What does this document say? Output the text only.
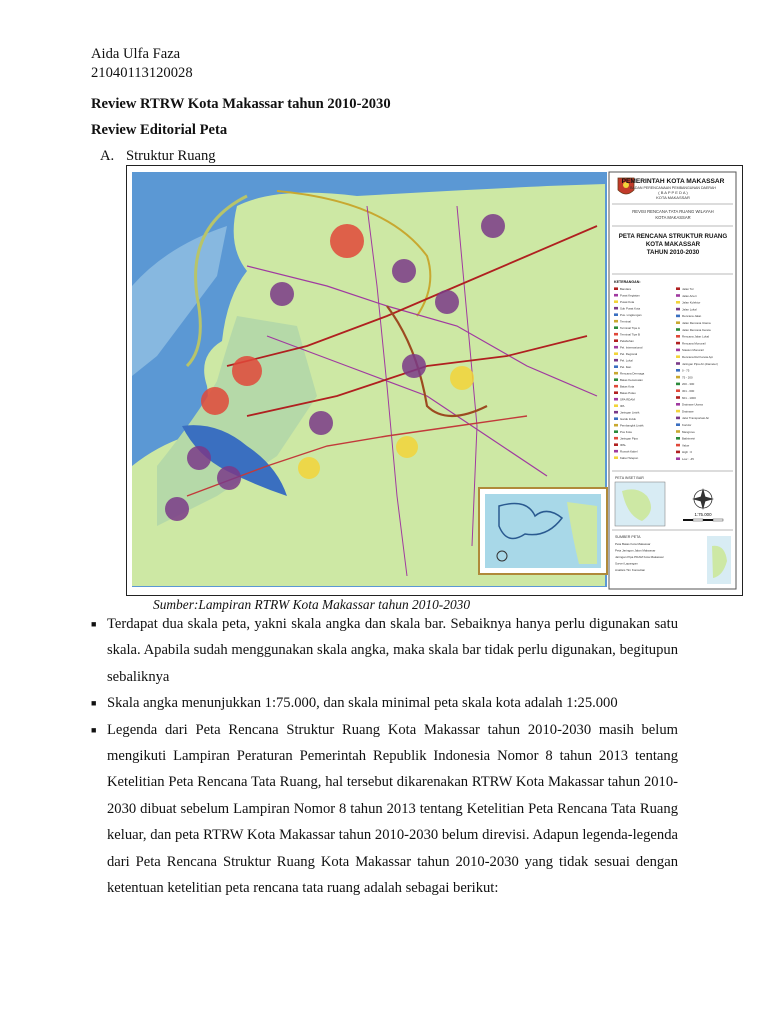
Aida Ulfa Faza
21040113120028
Review RTRW Kota Makassar tahun 2010-2030
Review Editorial Peta
A. Struktur Ruang
PEMERINTAH KOTA MAKASSAR
BADAN PERENCANAAN PEMBANGUNAN DAERAH
( B A P P E D A )
KOTA MAKASSAR
REVISI RENCANA TATA RUANG WILAYAH
KOTA MAKASSAR
PETA RENCANA STRUKTUR RUANG
KOTA MAKASSAR
TAHUN 2010-2030
KETERANGAN:
Bandara
Pusat Kegiatan
Pusat Kota
Sub Pusat Kota
Pus. Lingkungan
Terminal
Terminal Tipe A
Terminal Tipe B
Pelabuhan
Pel. Internasional
Pel. Regional
Pel. Lokal
Pel. Ikan
Rencana Dermaga
Batas Kecamatan
Batas Kota
Batas Pulau
SPA RDAM
IPA
Jaringan Listrik
Gardu Induk
Pembangkit Listrik
Pos Kota
Jaringan Pipa
IPAL
Rumah Kabel
Kabel Telepon
Jalan Tol
Jalan Arteri
Jalan Kolektor
Jalan Lokal
Rencana Jalan
Jalan Rencana Utama
Jalan Rencana Kereta
Rencana Jalan Lokal
Rencana Monorail
Stasiun Monorail
Rencana Rel Kereta Api
Jaringan Pipa Air (diameter)
0 - 75
75 - 200
200 - 300
301 - 600
601 - 1000
Drainase Utama
Drainase
Jalur Transportasi Air
Koridor
Mangrove
Bathimetri
Value
High : 0
Low : -45
PETA INSET BAR
1:75.000
SUMBER PETA
Peta Batas Kota Makassar
Peta Jaringan Jalan Makassar
Jaringan Pipa PDAM Kota Makassar
Survei Lapangan
Analisis Tim Konsultan
Sumber:Lampiran RTRW Kota Makassar tahun 2010-2030
■ Terdapat dua skala peta, yakni skala angka dan skala bar. Sebaiknya hanya perlu digunakan satu skala. Apabila sudah menggunakan skala angka, maka skala bar tidak perlu digunakan, begitupun sebaliknya
■ Skala angka menunjukkan 1:75.000, dan skala minimal peta skala kota adalah 1:25.000
■ Legenda dari Peta Rencana Struktur Ruang Kota Makassar tahun 2010-2030 masih belum mengikuti Lampiran Peraturan Pemerintah Republik Indonesia Nomor 8 tahun 2013 tentang Ketelitian Peta Rencana Tata Ruang, hal tersebut dikarenakan RTRW Kota Makassar tahun 2010-2030 dibuat sebelum Lampiran Nomor 8 tahun 2013 tentang Ketelitian Peta Rencana Tata Ruang keluar, dan peta RTRW Kota Makassar tahun 2010-2030 belum direvisi. Adapun legenda-legenda dari Peta Rencana Struktur Ruang Kota Makassar tahun 2010-2030 yang tidak sesuai dengan ketentuan ketelitian peta rencana tata ruang adalah sebagai berikut:
